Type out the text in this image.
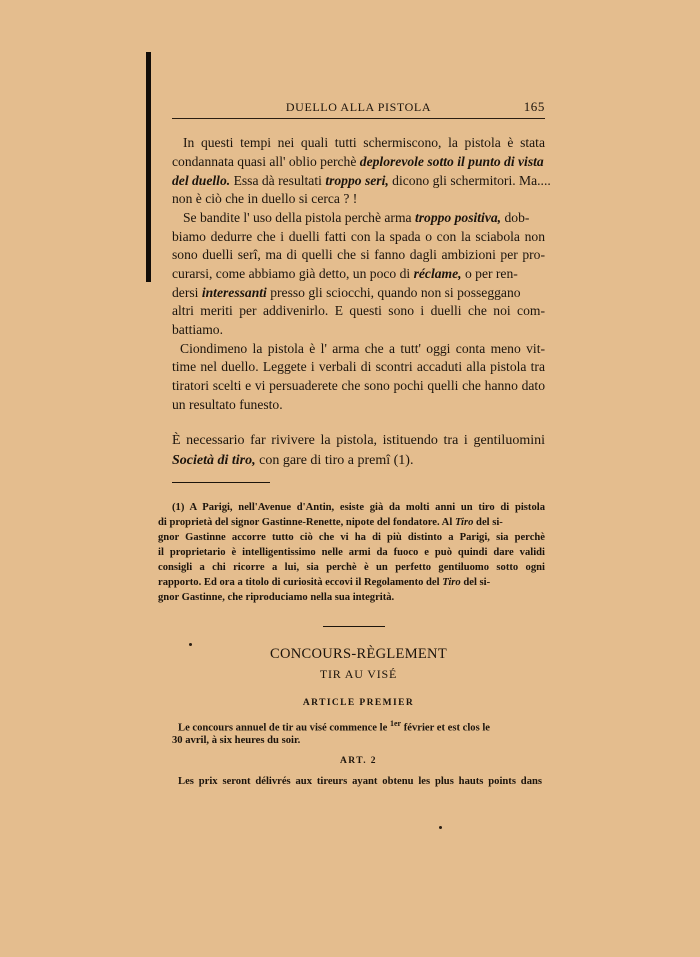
DUELLO ALLA PISTOLA	165
In questi tempi nei quali tutti schermiscono, la pistola è stata
condannata quasi all' oblio perchè deplorevole sotto il punto di vista
del duello. Essa dà resultati troppo seri, dicono gli schermitori. Ma....
non è ciò che in duello si cerca ? !
Se bandite l' uso della pistola perchè arma troppo positiva, dob-
biamo dedurre che i duelli fatti con la spada o con la sciabola non
sono duelli serî, ma di quelli che si fanno dagli ambizioni per pro-
curarsi, come abbiamo già detto, un poco di réclame, o per ren-
dersi interessanti presso gli sciocchi, quando non si posseggano
altri meriti per addivenirlo. E questi sono i duelli che noi com-
battiamo.
Ciondimeno la pistola è l' arma che a tutt' oggi conta meno vit-
time nel duello. Leggete i verbali di scontri accaduti alla pistola tra
tiratori scelti e vi persuaderete che sono pochi quelli che hanno dato
un resultato funesto.
È necessario far rivivere la pistola, istituendo tra i gentiluomini
Società di tiro, con gare di tiro a premî (1).
(1) A Parigi, nell'Avenue d'Antin, esiste già da molti anni un tiro di pistola
di proprietà del signor Gastinne-Renette, nipote del fondatore. Al Tiro del si-
gnor Gastinne accorre tutto ciò che vi ha di più distinto a Parigi, sia perchè
il proprietario è intelligentissimo nelle armi da fuoco e può quindi dare validi
consigli a chi ricorre a lui, sia perchè è un perfetto gentiluomo sotto ogni
rapporto. Ed ora a titolo di curiosità eccovi il Regolamento del Tiro del si-
gnor Gastinne, che riproduciamo nella sua integrità.
CONCOURS-RÈGLEMENT
TIR AU VISÉ
ARTICLE PREMIER
Le concours annuel de tir au visé commence le $^{1er}$ février et est clos le
30 avril, à six heures du soir.
ART. 2
Les prix seront délivrés aux tireurs ayant obtenu les plus hauts points dans
